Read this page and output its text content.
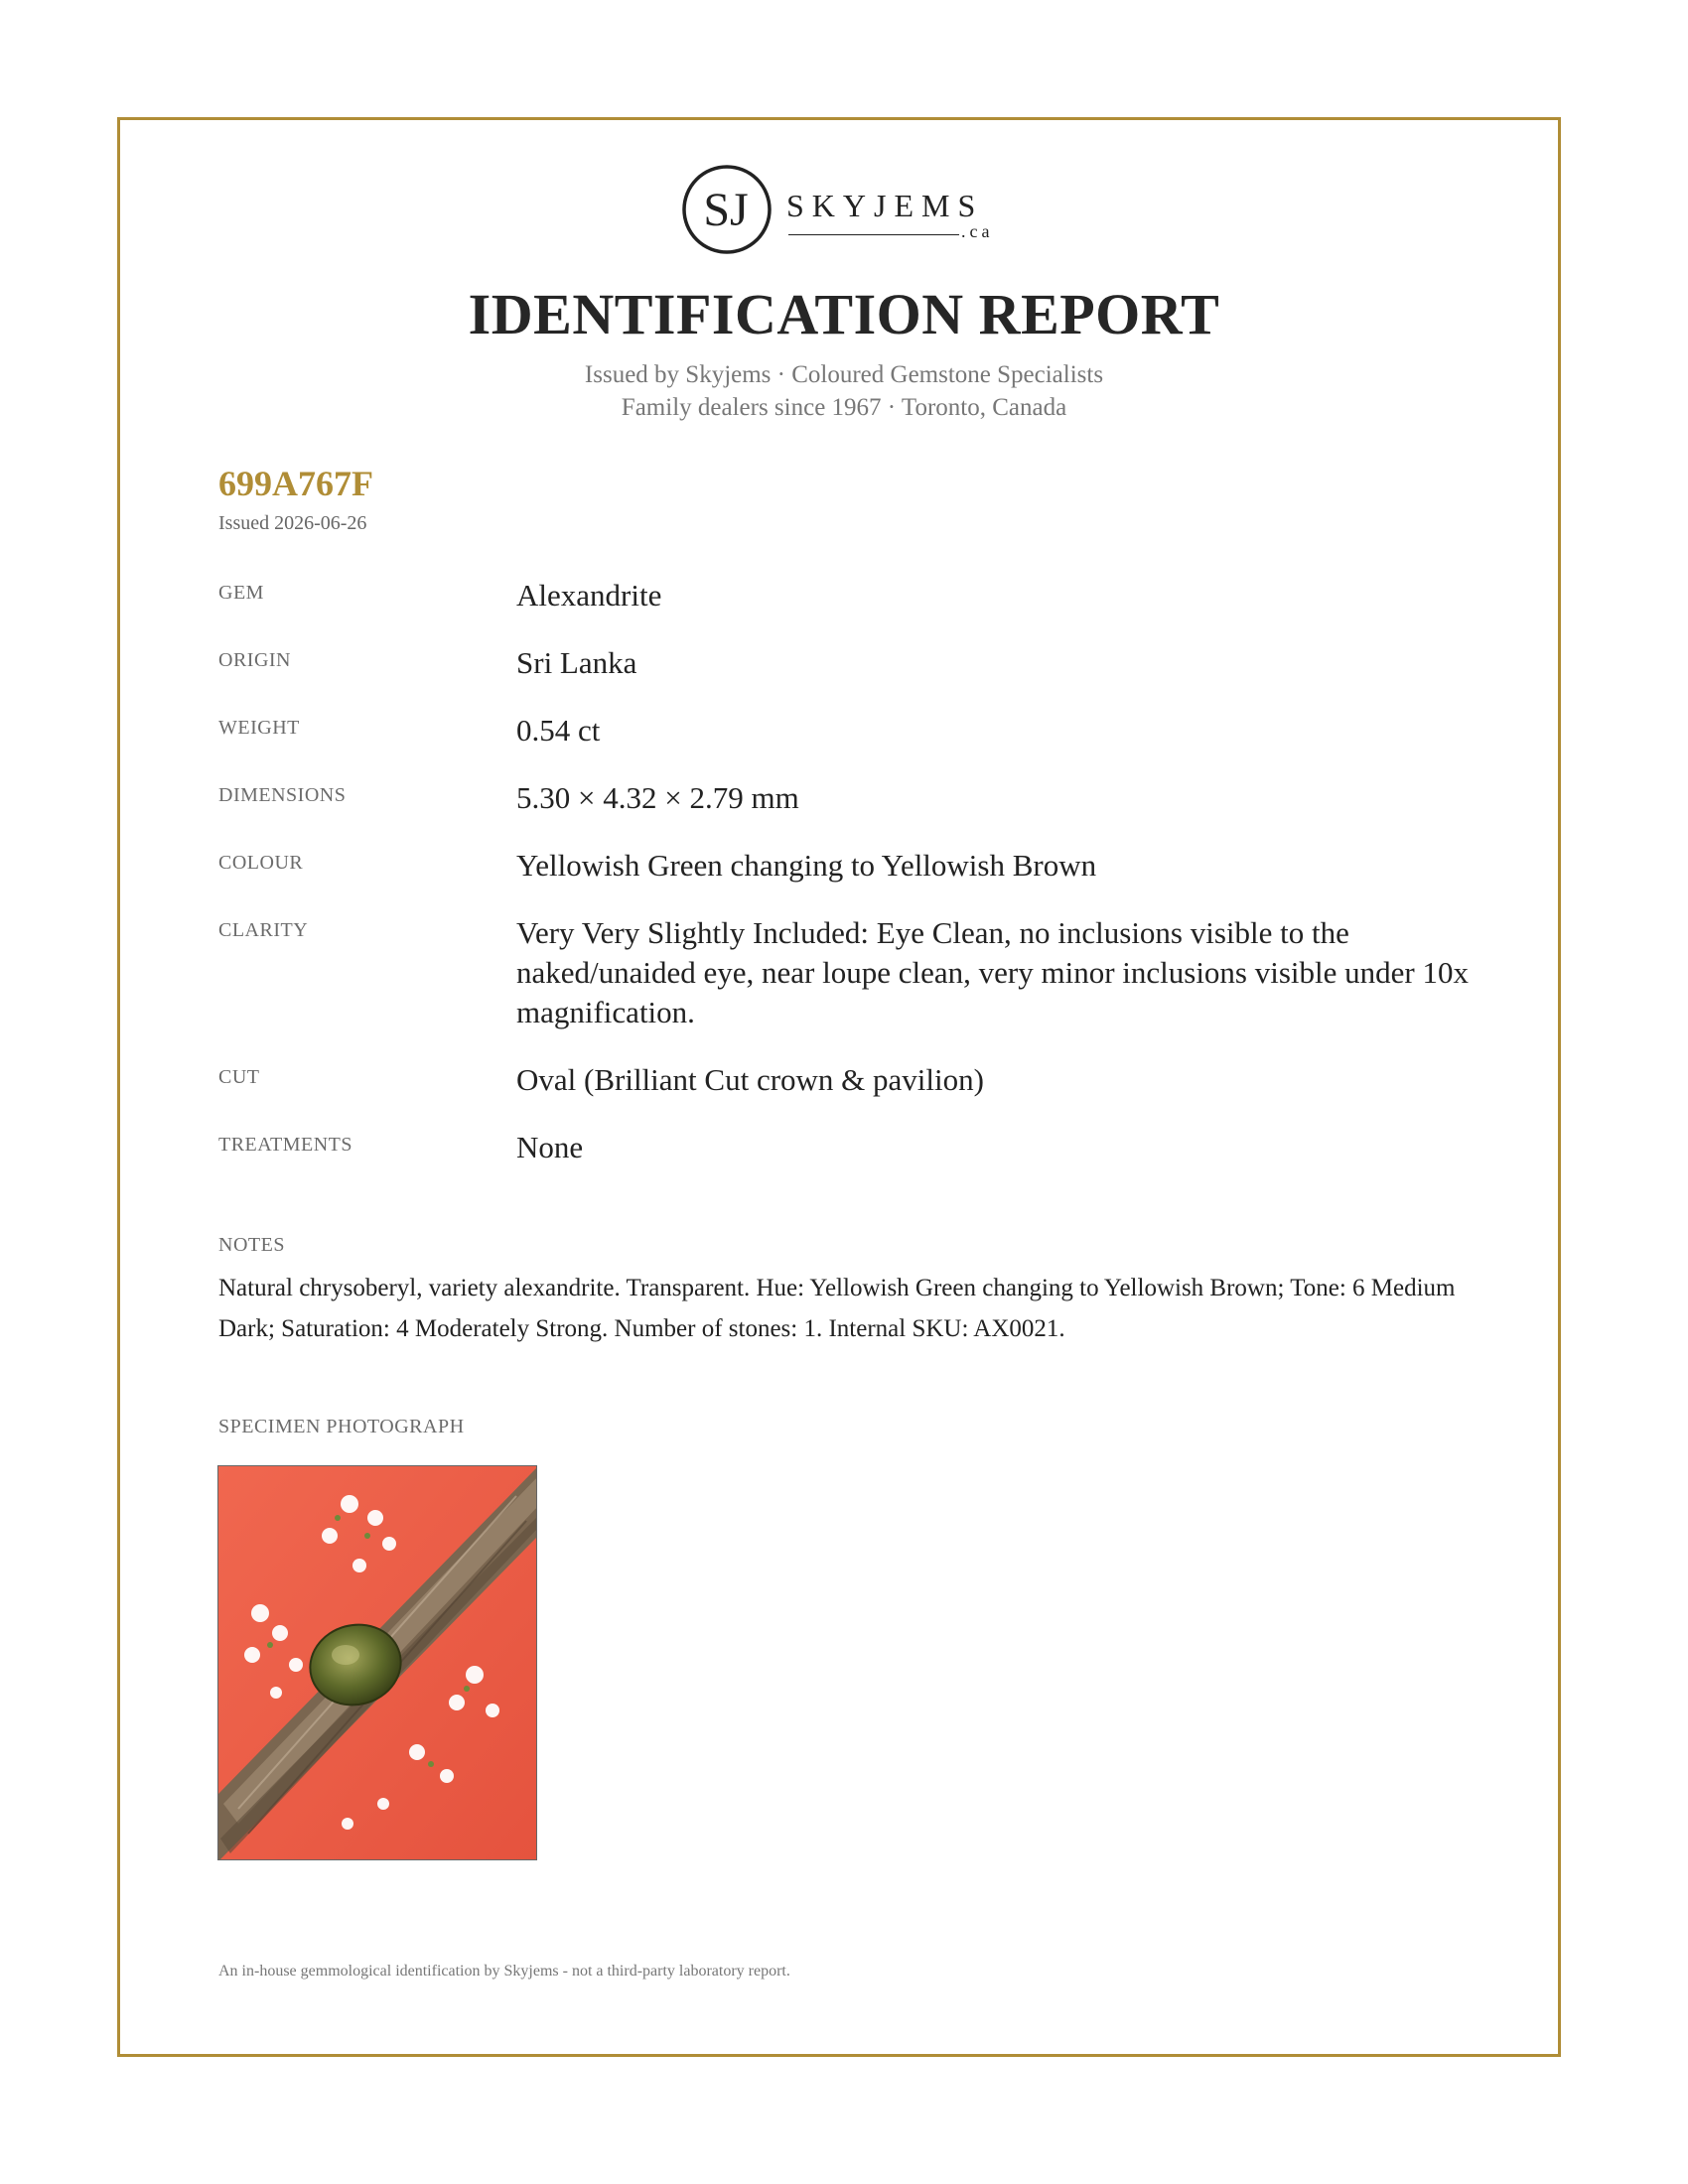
SJ SKYJEMS
.ca
IDENTIFICATION REPORT
Issued by Skyjems · Coloured Gemstone Specialists
Family dealers since 1967 · Toronto, Canada
699A767F
Issued 2026-06-26
GEM	Alexandrite
ORIGIN	Sri Lanka
WEIGHT	0.54 ct
DIMENSIONS	5.30 × 4.32 × 2.79 mm
COLOUR	Yellowish Green changing to Yellowish Brown
CLARITY	Very Very Slightly Included: Eye Clean, no inclusions visible to the naked/unaided eye, near loupe clean, very minor inclusions visible under 10x magnification.
CUT	Oval (Brilliant Cut crown & pavilion)
TREATMENTS	None
NOTES
Natural chrysoberyl, variety alexandrite. Transparent. Hue: Yellowish Green changing to Yellowish Brown; Tone: 6 Medium Dark; Saturation: 4 Moderately Strong. Number of stones: 1. Internal SKU: AX0021.
SPECIMEN PHOTOGRAPH
An in-house gemmological identification by Skyjems - not a third-party laboratory report.
